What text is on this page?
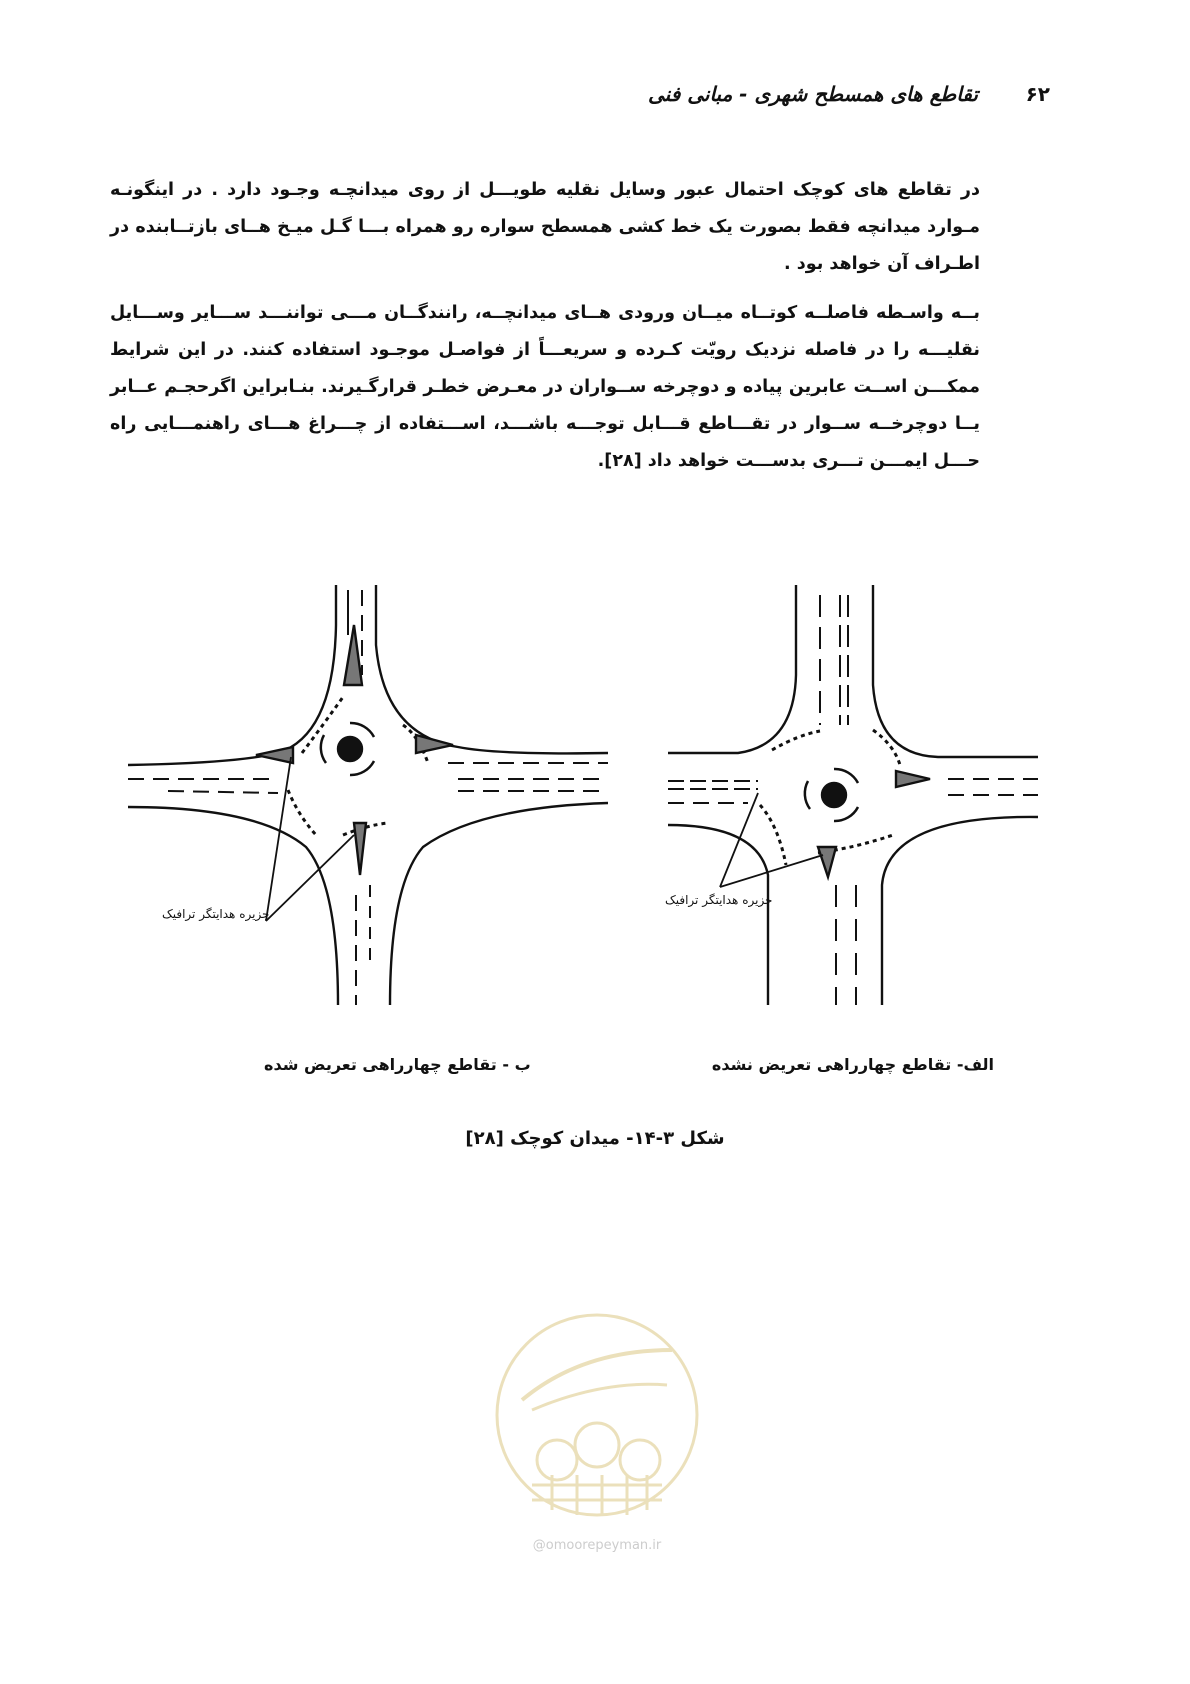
۶۲
تقاطع های همسطح شهری - مبانی فنی

در تقاطع های کوچک احتمال عبور وسایل نقلیه طویـــل از روی میدانچـه وجـود دارد . در اینگونـه مـوارد میدانچه فقط بصورت یک خط کشی همسطح سواره رو همراه بـــا گـل میـخ هــای بازتــابنده در اطـراف آن خواهد بود .

بــه واسـطه فاصلــه کوتــاه میــان ورودی هــای میدانچــه، رانندگــان مـــی تواننـــد ســـایر وســـایل نقلیـــه را در فاصله نزدیک رویّت کـرده و سریعـــاً از فواصـل موجـود استفاده کنند. در این شرایط ممکـــن اســت عابرین پیاده و دوچرخه ســواران در معـرض خطـر قرارگـیرند. بنـابراین اگرحجـم عــابر یــا دوچرخــه ســوار در تقـــاطع قـــابل توجـــه باشـــد، اســـتفاده از چـــراغ هـــای راهنمـــایی راه حـــل ایمـــن تـــری بدســـت خواهد داد [۲۸].

جزیره هدایتگر ترافیک
جزیره هدایتگر ترافیک
ب - تقاطع چهارراهی تعریض شده	الف- تقاطع چهارراهی تعریض نشده
شکل ۳-۱۴- میدان کوچک [۲۸]
@omoorepeyman.ir
